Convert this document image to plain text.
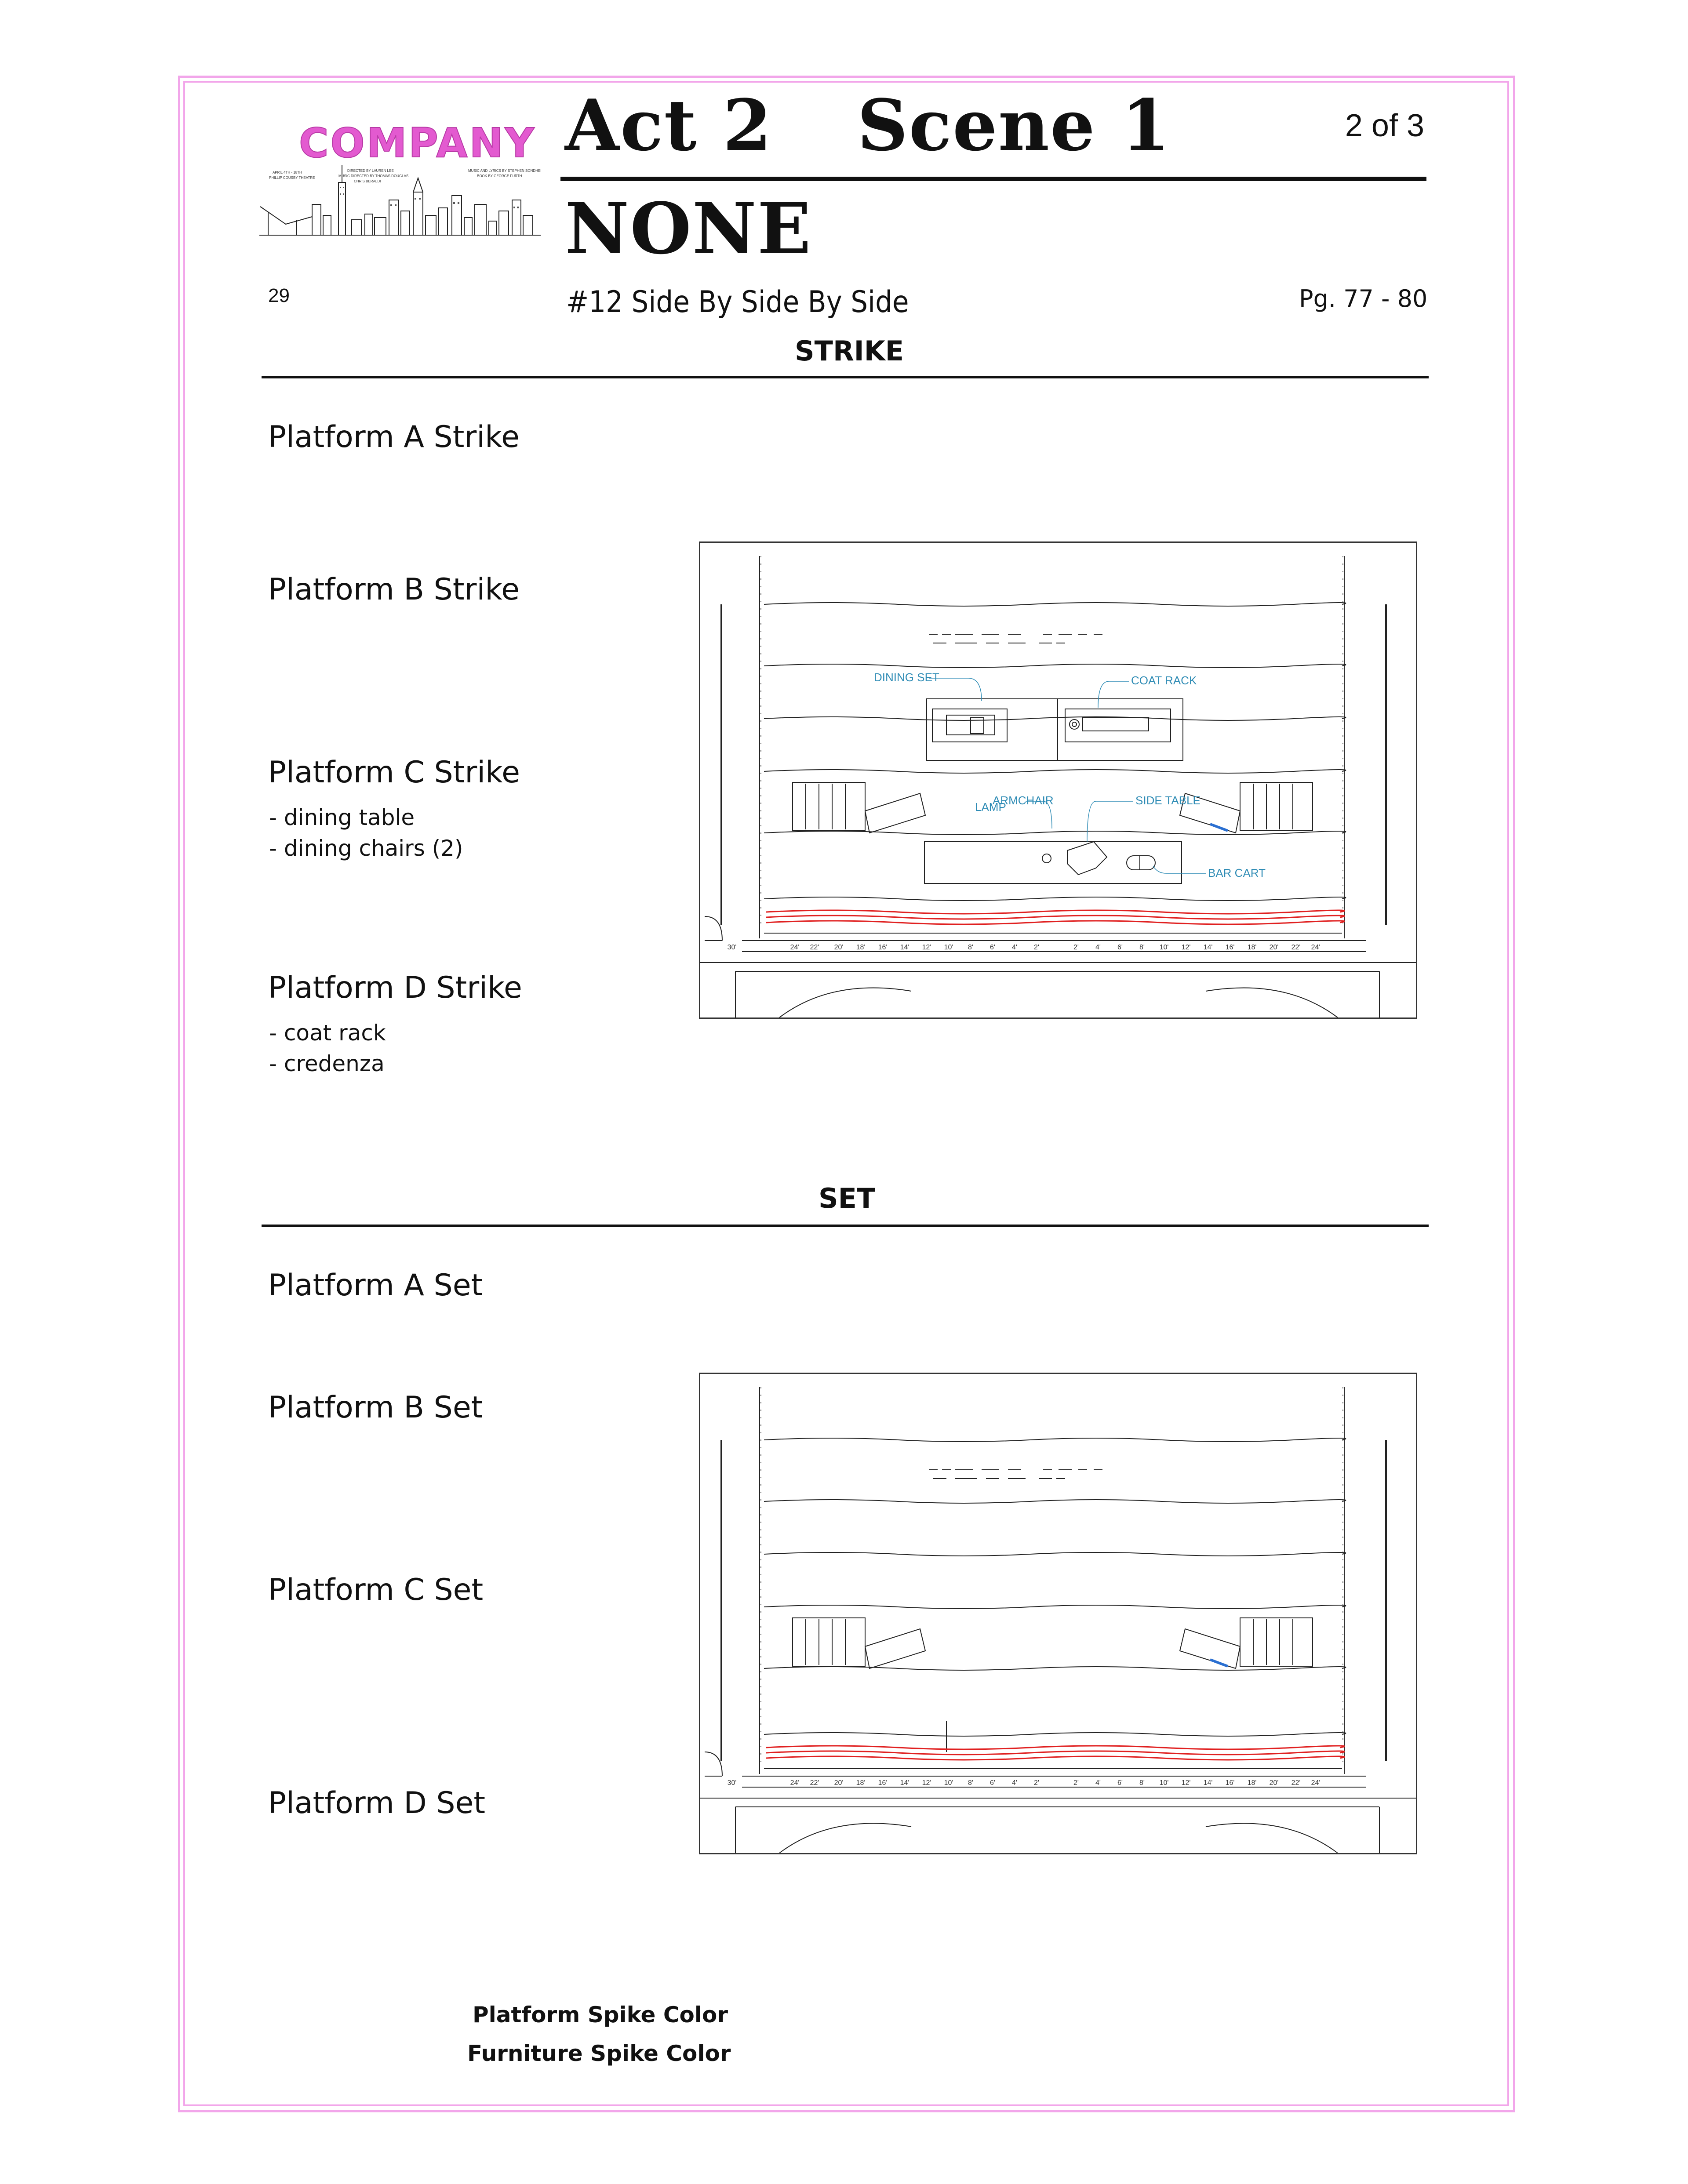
COMPANY
APRIL 4TH - 18TH
PHILLIP COUSBY THEATRE
DIRECTED BY LAUREN LEE
MUSIC DIRECTED BY THOMAS DOUGLAS
CHRIS BERALDI
MUSIC AND LYRICS BY STEPHEN SONDHEIM
BOOK BY GEORGE FURTH
Act 2 Scene 1	2 of 3
NONE
29	#12 Side By Side By Side	Pg. 77 - 80
STRIKE
Platform A Strike
Platform B Strike
Platform C Strike
- dining table
- dining chairs (2)
Platform D Strike
- coat rack
- credenza
DINING SET	COAT RACK
ARMCHAIR
LAMP	SIDE TABLE
BAR CART
30'	24' 22' 20' 18' 16' 14' 12' 10' 8' 6' 4' 2'	2' 4' 6' 8' 10' 12' 14' 16' 18' 20' 22' 24'
SET
Platform A Set
Platform B Set
Platform C Set
Platform D Set
30'	24' 22' 20' 18' 16' 14' 12' 10' 8' 6' 4' 2'	2' 4' 6' 8' 10' 12' 14' 16' 18' 20' 22' 24'
Platform Spike Color
Furniture Spike Color
